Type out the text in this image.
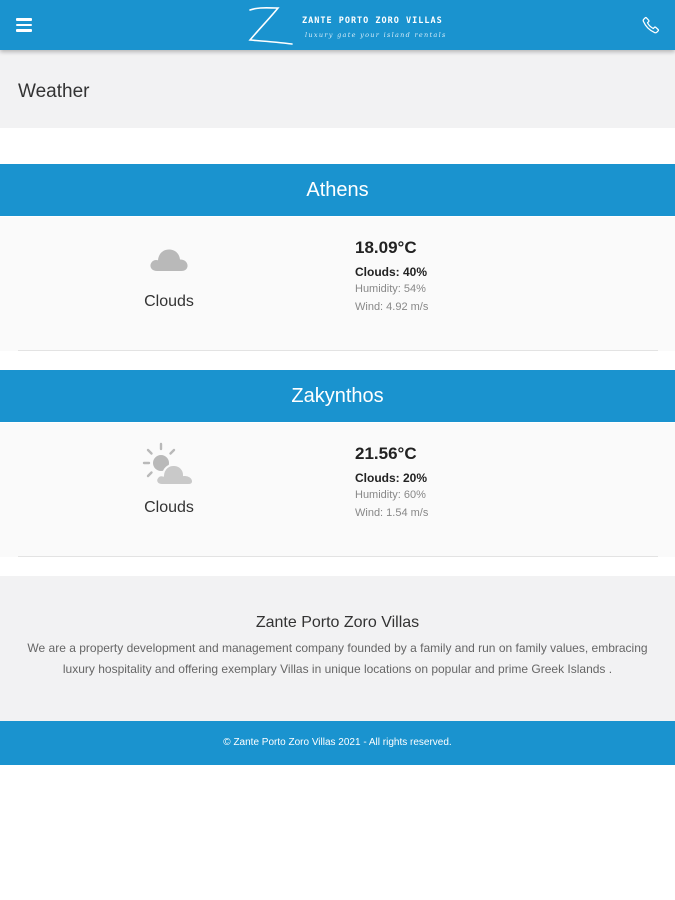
ZANTE PORTO ZORO VILLAS
luxury gate your island rentals
Weather
Athens
Clouds
18.09°C
Clouds: 40%
Humidity: 54%
Wind: 4.92 m/s
Zakynthos
Clouds
21.56°C
Clouds: 20%
Humidity: 60%
Wind: 1.54 m/s
Zante Porto Zoro Villas
We are a property development and management company founded by a family and run on family values, embracing luxury hospitality and offering exemplary Villas in unique locations on popular and prime Greek Islands .
© Zante Porto Zoro Villas 2021 - All rights reserved.
